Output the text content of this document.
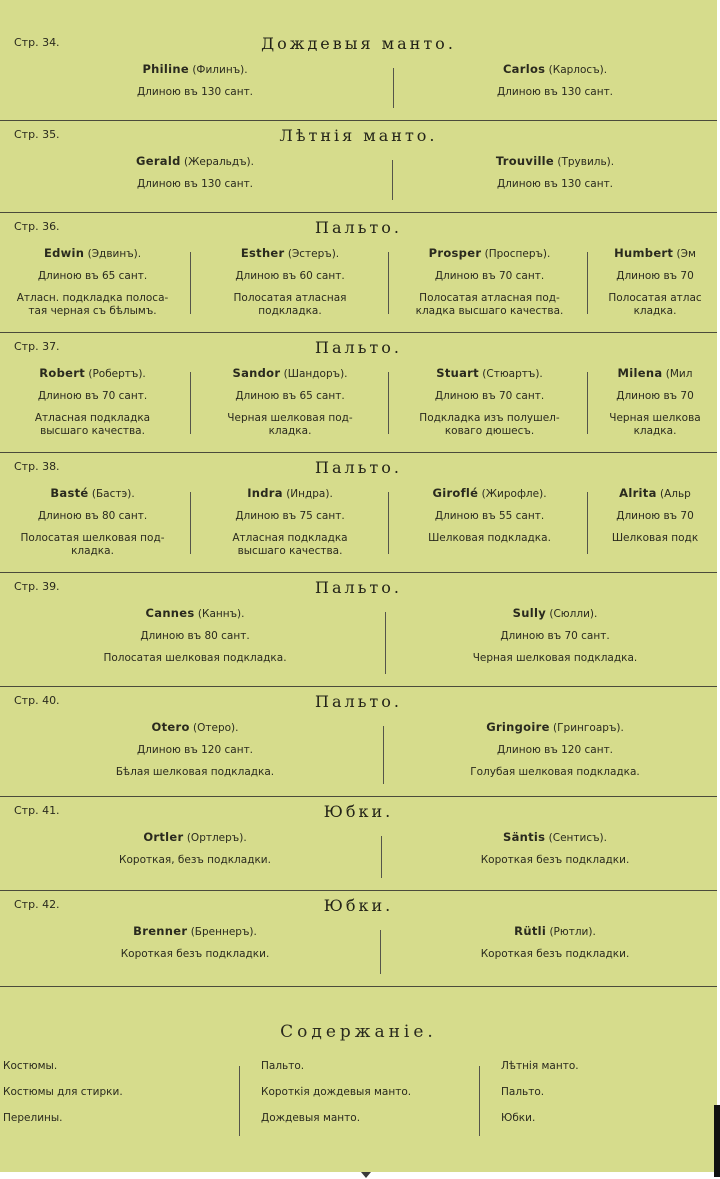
Стр. 34.	Дождевыя манто.
Philine (Филинъ).
Длиною въ 130 сант.
Carlos (Карлосъ).
Длиною въ 130 сант.
Стр. 35.	Лѣтнія манто.
Gerald (Жеральдъ).
Длиною въ 130 сант.
Trouville (Трувиль).
Длиною въ 130 сант.
Стр. 36.	Пальто.
Edwin (Эдвинъ).
Длиною въ 65 сант.
Атласн. подкладка полоса-
тая черная съ бѣлымъ.
Esther (Эстеръ).
Длиною въ 60 сант.
Полосатая атласная
подкладка.
Prosper (Проспeръ).
Длиною въ 70 сант.
Полосатая атласная под-
кладка высшаго качества.
Humbert (Эм
Длиною въ 70
Полосатая атлас
кладка.
Стр. 37.	Пальто.
Robert (Робертъ).
Длиною въ 70 сант.
Атласная подкладка
высшаго качества.
Sandor (Шандоръ).
Длиною въ 65 сант.
Черная шелковая под-
кладка.
Stuart (Стюартъ).
Длиною въ 70 сант.
Подкладка изъ полушел-
коваго дюшесъ.
Milena (Мил
Длиною въ 70
Черная шелкова
кладка.
Стр. 38.	Пальто.
Basté (Бастэ).
Длиною въ 80 сант.
Полосатая шелковая под-
кладка.
Indra (Индра).
Длиною въ 75 сант.
Атласная подкладка
высшаго качества.
Giroflé (Жирофле).
Длиною въ 55 сант.
Шелковая подкладка.
Alrita (Альр
Длиною въ 70
Шелковая подк
Стр. 39.	Пальто.
Cannes (Каннъ).
Длиною въ 80 сант.
Полосатая шелковая подкладка.
Sully (Сюлли).
Длиною въ 70 сант.
Черная шелковая подкладка.
Стр. 40.	Пальто.
Otero (Отеро).
Длиною въ 120 сант.
Бѣлая шелковая подкладка.
Gringoire (Грингоаръ).
Длиною въ 120 сант.
Голубая шелковая подкладка.
Стр. 41.	Юбки.
Ortler (Ортлеръ).
Короткая, безъ подкладки.
Säntis (Сентисъ).
Короткая безъ подкладки.
Стр. 42.	Юбки.
Brenner (Бреннеръ).
Короткая безъ подкладки.
Rütli (Рютли).
Короткая безъ подкладки.
Содержаніе.
Костюмы.
Костюмы для стирки.
Перелины.
Пальто.
Короткія дождевыя манто.
Дождевыя манто.
Лѣтнія манто.
Пальто.
Юбки.
